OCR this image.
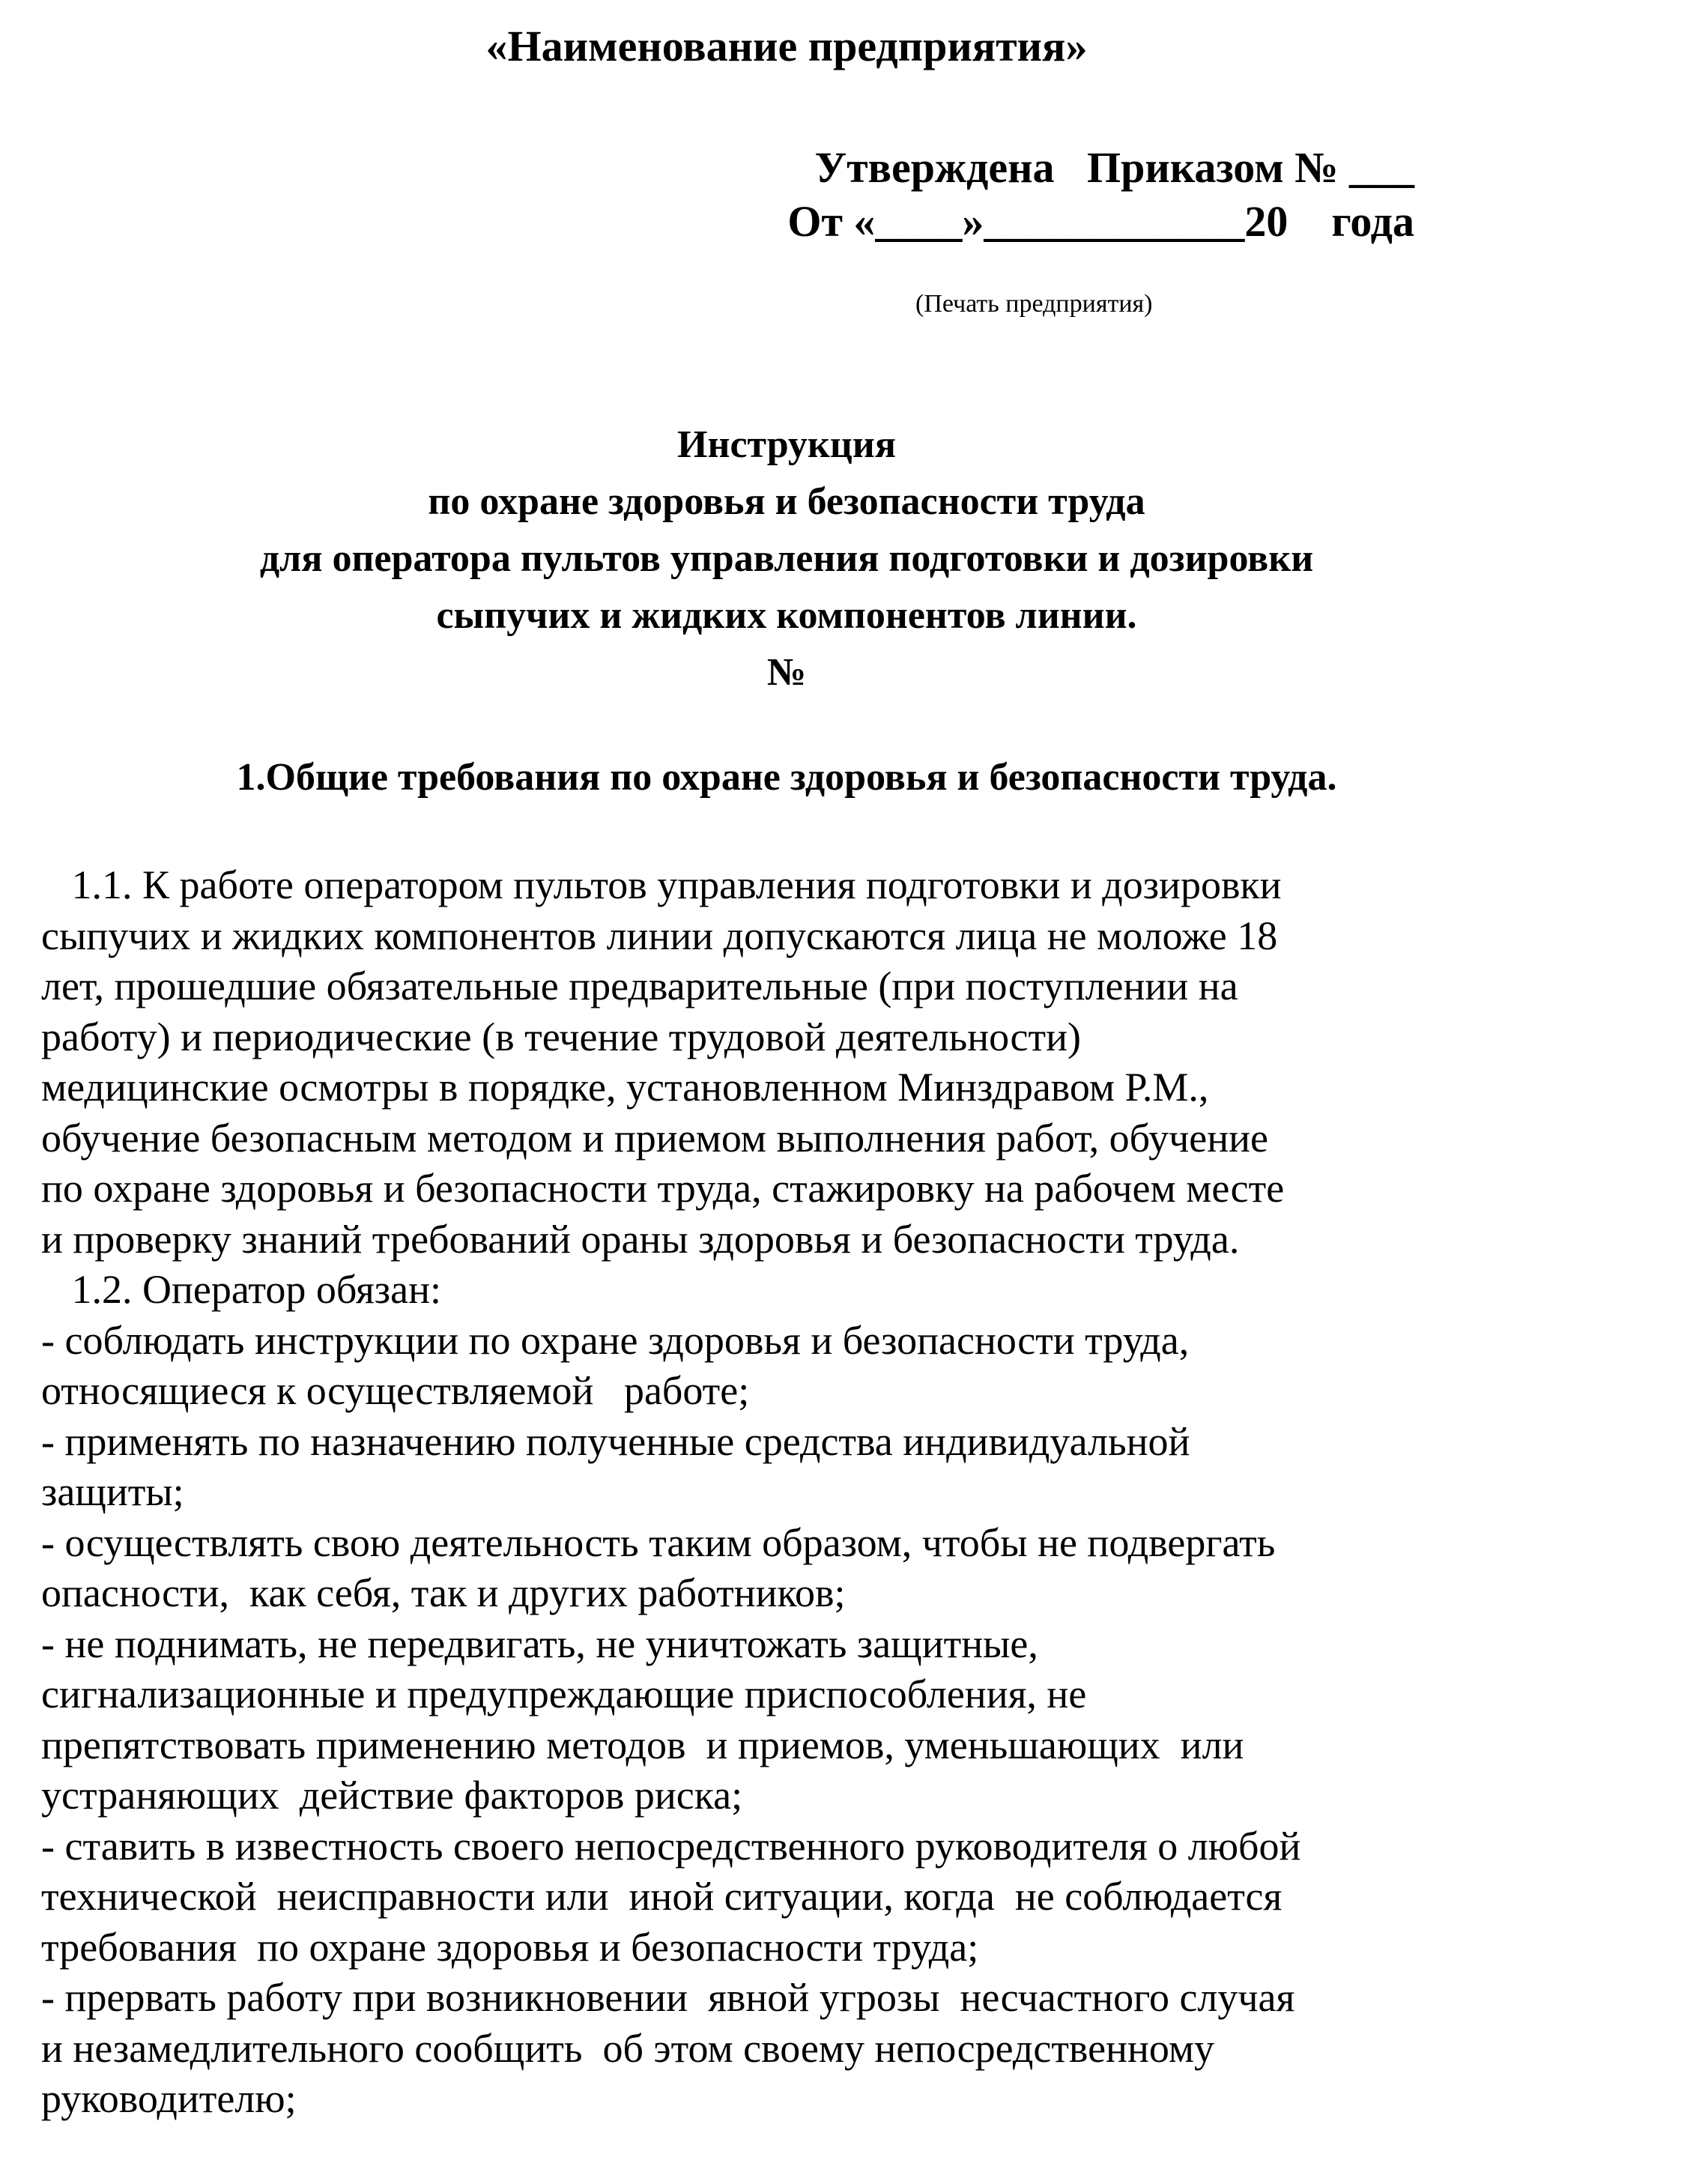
«Наименование предприятия»
Утверждена   Приказом № ___
От «____»____________20    года
(Печать предприятия)
Инструкция
по охране здоровья и безопасности труда
для оператора пультов управления подготовки и дозировки
сыпучих и жидких компонентов линии.
№
1.Общие требования по охране здоровья и безопасности труда.
1.1. К работе оператором пультов управления подготовки и дозировки
сыпучих и жидких компонентов линии допускаются лица не моложе 18
лет, прошедшие обязательные предварительные (при поступлении на
работу) и периодические (в течение трудовой деятельности)
медицинские осмотры в порядке, установленном Минздравом Р.М.,
обучение безопасным методом и приемом выполнения работ, обучение
по охране здоровья и безопасности труда, стажировку на рабочем месте
и проверку знаний требований ораны здоровья и безопасности труда.
1.2. Оператор обязан:
- соблюдать инструкции по охране здоровья и безопасности труда,
относящиеся к осуществляемой   работе;
- применять по назначению полученные средства индивидуальной
защиты;
- осуществлять свою деятельность таким образом, чтобы не подвергать
опасности,  как себя, так и других работников;
- не поднимать, не передвигать, не уничтожать защитные,
сигнализационные и предупреждающие приспособления, не
препятствовать применению методов  и приемов, уменьшающих  или
устраняющих  действие факторов риска;
- ставить в известность своего непосредственного руководителя о любой
технической  неисправности или  иной ситуации, когда  не соблюдается
требования  по охране здоровья и безопасности труда;
- прервать работу при возникновении  явной угрозы  несчастного случая
и незамедлительного сообщить  об этом своему непосредственному
руководителю;
